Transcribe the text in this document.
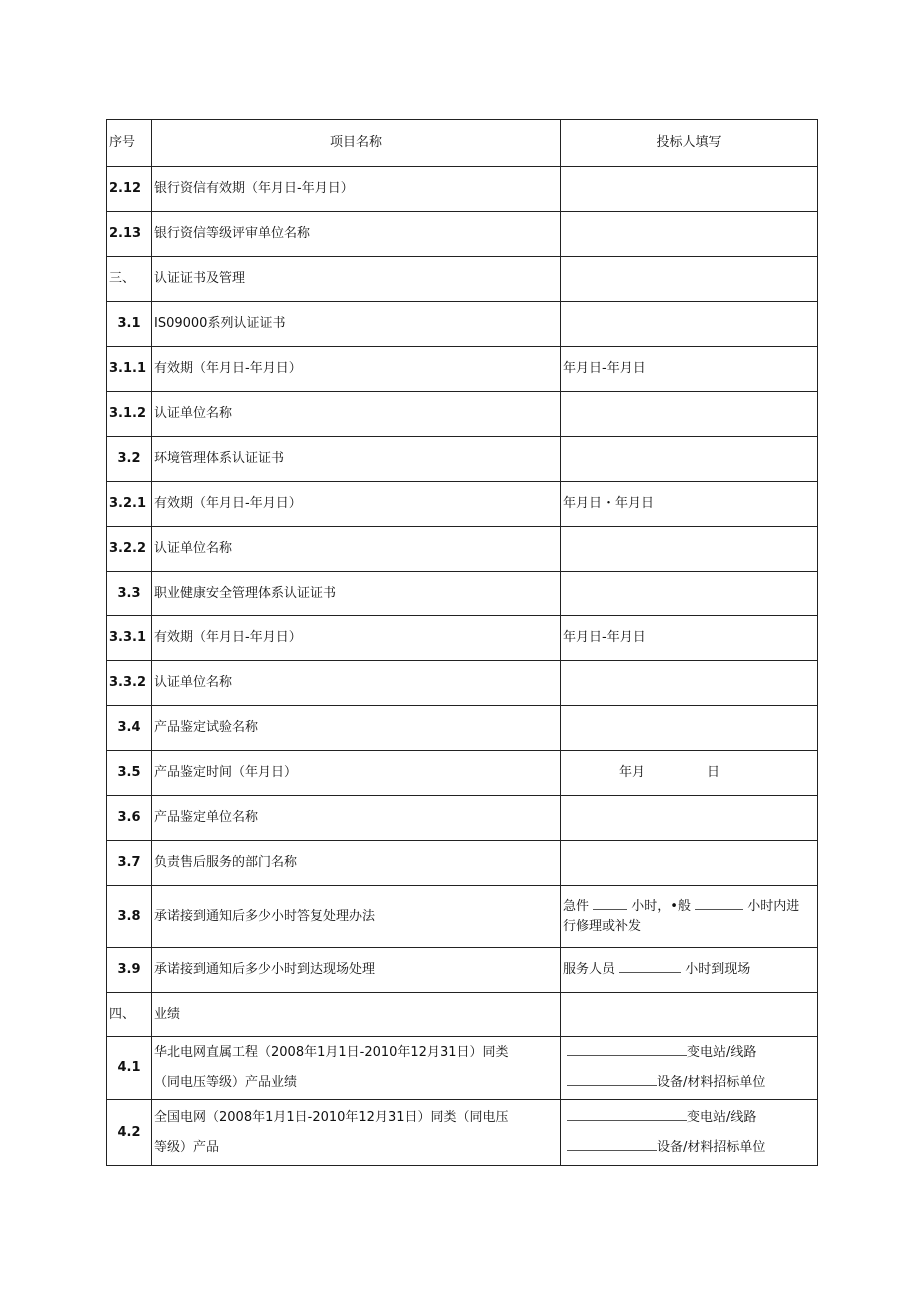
序号	项目名称	投标人填写
2.12	银行资信有效期（年月日-年月日）	
2.13	银行资信等级评审单位名称	
三、	认证证书及管理	
3.1	IS09000系列认证证书	
3.1.1	有效期（年月日-年月日）	年月日-年月日
3.1.2	认证单位名称	
3.2	环境管理体系认证证书	
3.2.1	有效期（年月日-年月日）	年月日・年月日
3.2.2	认证单位名称	
3.3	职业健康安全管理体系认证证书	
3.3.1	有效期（年月日-年月日）	年月日-年月日
3.3.2	认证单位名称	
3.4	产品鉴定试验名称	
3.5	产品鉴定时间（年月日）	年月 日
3.6	产品鉴定单位名称	
3.7	负责售后服务的部门名称	
3.8	承诺接到通知后多少小时答复处理办法	急件 小时，•般 小时内进
行修理或补发

3.9	承诺接到通知后多少小时到达现场处理	服务人员 小时到现场
四、	业绩	
4.1	华北电网直属工程（2008年1月1日-2010年12月31日）同类
（同电压等级）产品业绩	变电站/线路
设备/材料招标单位

4.2	全国电网（2008年1月1日-2010年12月31日）同类（同电压
等级）产品	变电站/线路
设备/材料招标单位
